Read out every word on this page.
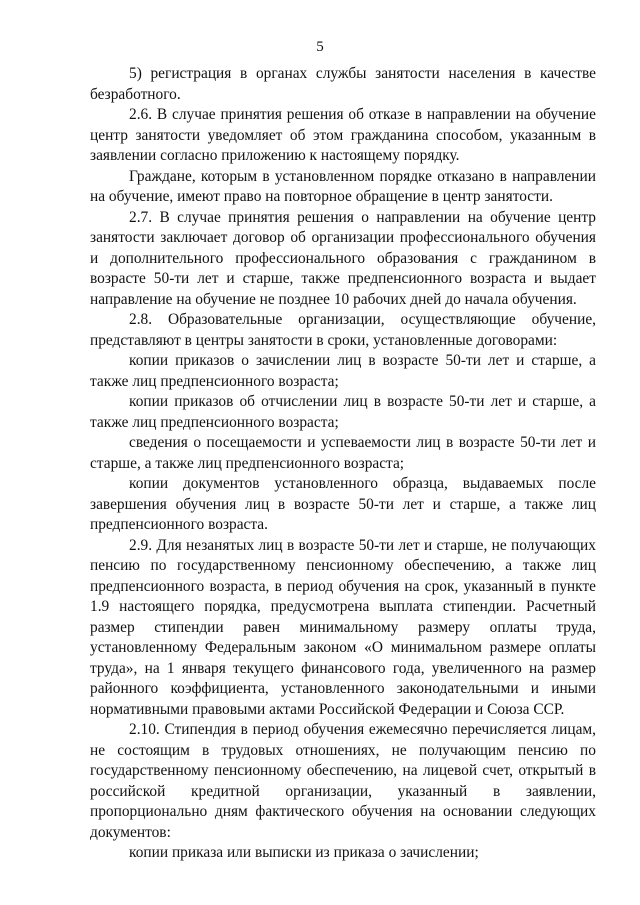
5

5) регистрация в органах службы занятости населения в качестве безработного.

2.6. В случае принятия решения об отказе в направлении на обучение центр занятости уведомляет об этом гражданина способом, указанным в заявлении согласно приложению к настоящему порядку.

Граждане, которым в установленном порядке отказано в направлении на обучение, имеют право на повторное обращение в центр занятости.

2.7. В случае принятия решения о направлении на обучение центр занятости заключает договор об организации профессионального обучения и дополнительного профессионального образования с гражданином в возрасте 50-ти лет и старше, также предпенсионного возраста и выдает направление на обучение не позднее 10 рабочих дней до начала обучения.

2.8. Образовательные организации, осуществляющие обучение, представляют в центры занятости в сроки, установленные договорами:

копии приказов о зачислении лиц в возрасте 50-ти лет и старше, а также лиц предпенсионного возраста;

копии приказов об отчислении лиц в возрасте 50-ти лет и старше, а также лиц предпенсионного возраста;

сведения о посещаемости и успеваемости лиц в возрасте 50-ти лет и старше, а также лиц предпенсионного возраста;

копии документов установленного образца, выдаваемых после завершения обучения лиц в возрасте 50-ти лет и старше, а также лиц предпенсионного возраста.

2.9. Для незанятых лиц в возрасте 50-ти лет и старше, не получающих пенсию по государственному пенсионному обеспечению, а также лиц предпенсионного возраста, в период обучения на срок, указанный в пункте 1.9 настоящего порядка, предусмотрена выплата стипендии. Расчетный размер стипендии равен минимальному размеру оплаты труда, установленному Федеральным законом «О минимальном размере оплаты труда», на 1 января текущего финансового года, увеличенного на размер районного коэффициента, установленного законодательными и иными нормативными правовыми актами Российской Федерации и Союза ССР.

2.10. Стипендия в период обучения ежемесячно перечисляется лицам, не состоящим в трудовых отношениях, не получающим пенсию по государственному пенсионному обеспечению, на лицевой счет, открытый в российской кредитной организации, указанный в заявлении, пропорционально дням фактического обучения на основании следующих документов:

копии приказа или выписки из приказа о зачислении;
